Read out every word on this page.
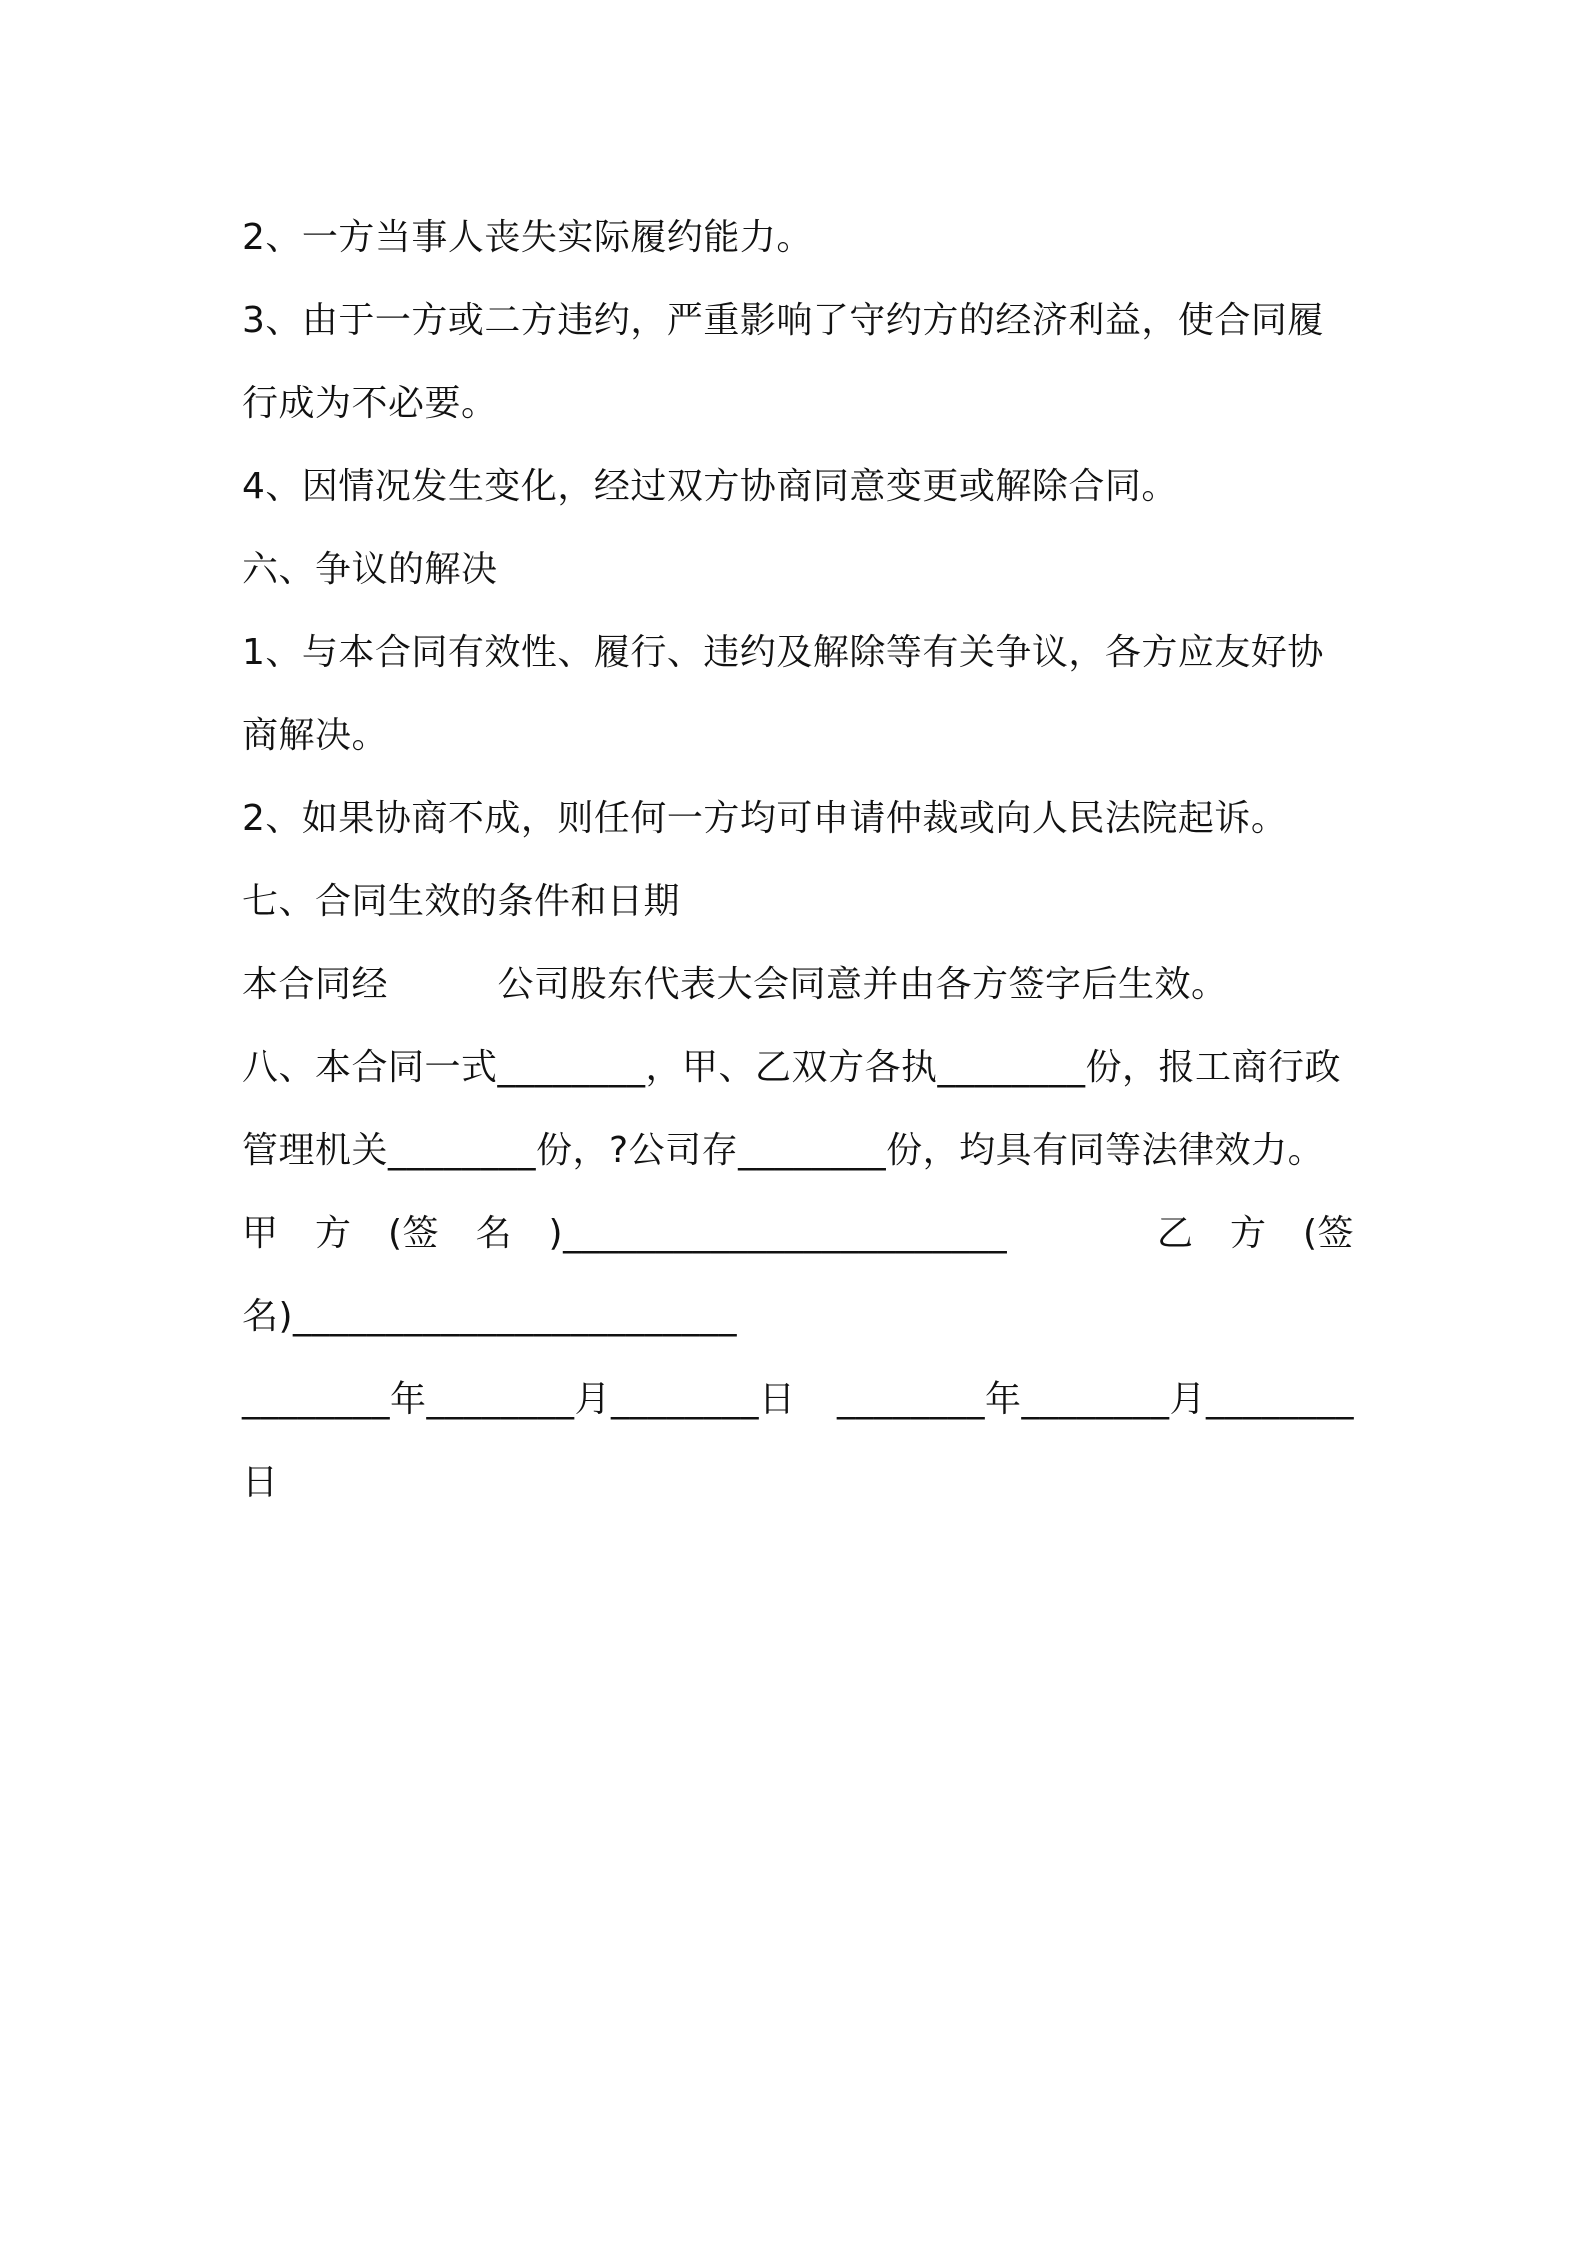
2、一方当事人丧失实际履约能力。
3、由于一方或二方违约，严重影响了守约方的经济利益，使合同履
行成为不必要。
4、因情况发生变化，经过双方协商同意变更或解除合同。
六、争议的解决
1、与本合同有效性、履行、违约及解除等有关争议，各方应友好协
商解决。
2、如果协商不成，则任何一方均可申请仲裁或向人民法院起诉。
七、合同生效的条件和日期
本合同经　　　公司股东代表大会同意并由各方签字后生效。
八、本合同一式________，甲、乙双方各执________份，报工商行政
管理机关________份，?公司存________份，均具有同等法律效力。
甲　方　(签　名　)________________________	乙　方　(签
名)________________________
________年________月________日 ________年________月________
日
